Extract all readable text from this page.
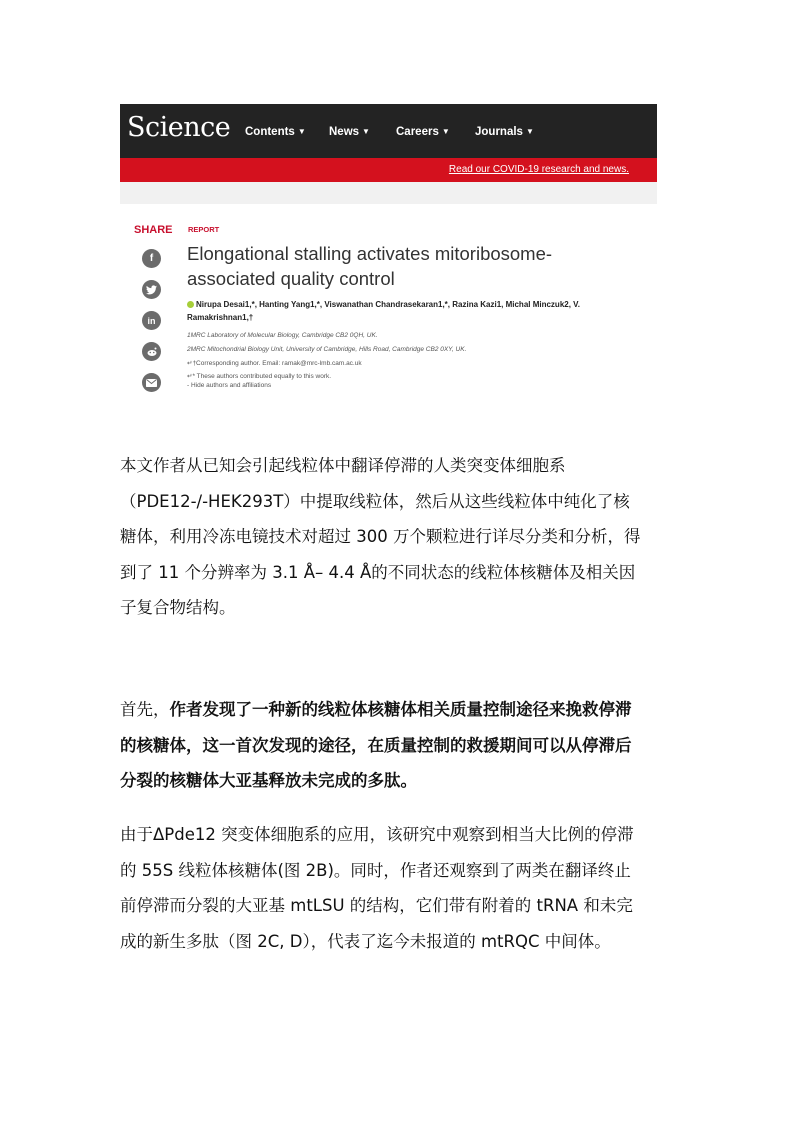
Science Contents ▼ News ▼ Careers ▼ Journals ▼
Read our COVID-19 research and news.
SHARE
f
in
REPORT
Elongational stalling activates mitoribosome-
associated quality control
Nirupa Desai1,*, Hanting Yang1,*, Viswanathan Chandrasekaran1,*, Razina Kazi1, Michal Minczuk2, V.
Ramakrishnan1,†
1MRC Laboratory of Molecular Biology, Cambridge CB2 0QH, UK.
2MRC Mitochondrial Biology Unit, University of Cambridge, Hills Road, Cambridge CB2 0XY, UK.
↵†Corresponding author. Email: ramak@mrc-lmb.cam.ac.uk
↵* These authors contributed equally to this work.
- Hide authors and affiliations
本文作者从已知会引起线粒体中翻译停滞的人类突变体细胞系
（PDE12-/-HEK293T）中提取线粒体，然后从这些线粒体中纯化了核
糖体，利用冷冻电镜技术对超过 300 万个颗粒进行详尽分类和分析，得
到了 11 个分辨率为 3.1 Å– 4.4 Å的不同状态的线粒体核糖体及相关因
子复合物结构。
首先，作者发现了一种新的线粒体核糖体相关质量控制途径来挽救停滞
的核糖体，这一首次发现的途径，在质量控制的救援期间可以从停滞后
分裂的核糖体大亚基释放未完成的多肽。
由于ΔPde12 突变体细胞系的应用，该研究中观察到相当大比例的停滞
的 55S 线粒体核糖体(图 2B)。同时，作者还观察到了两类在翻译终止
前停滞而分裂的大亚基 mtLSU 的结构，它们带有附着的 tRNA 和未完
成的新生多肽（图 2C, D），代表了迄今未报道的 mtRQC 中间体。
